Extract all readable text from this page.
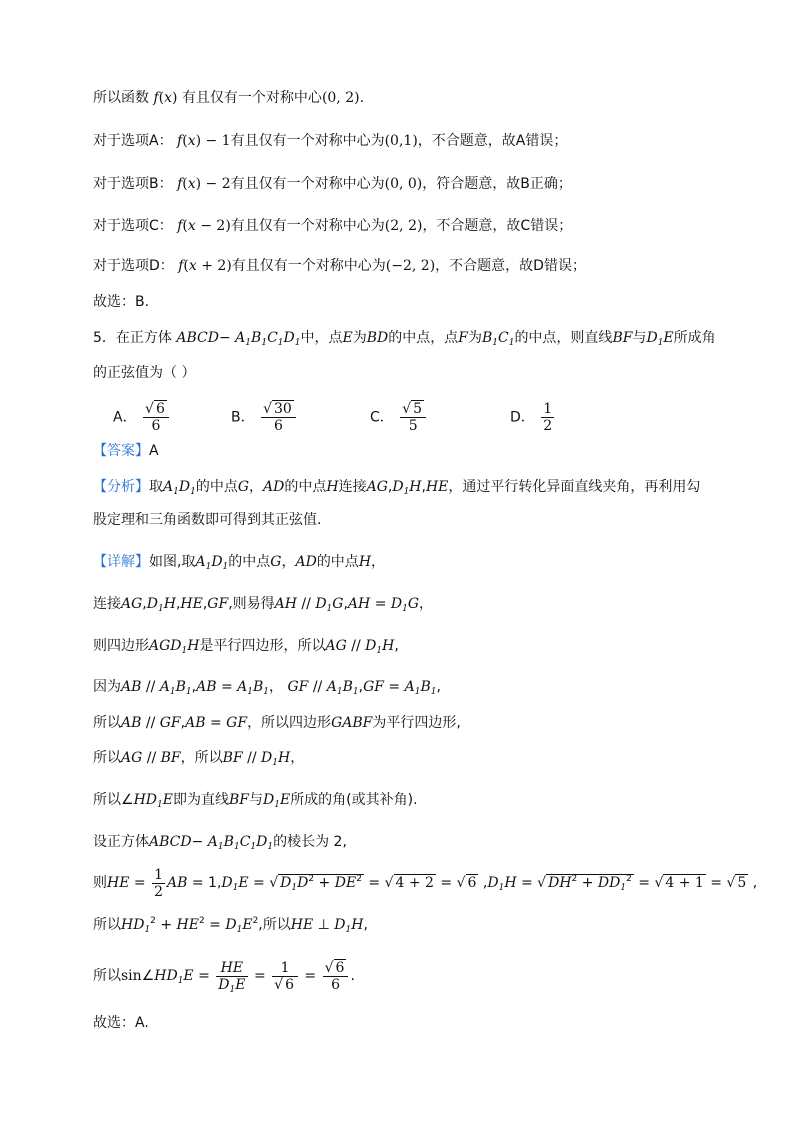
所以函数 f(x) 有且仅有一个对称中心(0, 2).
对于选项A： f(x) − 1有且仅有一个对称中心为(0,1)，不合题意，故A错误；
对于选项B： f(x) − 2有且仅有一个对称中心为(0, 0)，符合题意，故B正确；
对于选项C： f(x − 2)有且仅有一个对称中心为(2, 2)，不合题意，故C错误；
对于选项D： f(x + 2)有且仅有一个对称中心为(−2, 2)，不合题意，故D错误；
故选：B.
5．在正方体 ABCD− $A_1B_1C_1D_1$中，点E为BD的中点，点F为$B_1C_1$的中点，则直线BF与$D_1E$所成角
的正弦值为（ ）
A． $\frac{√ 6}{6}$	B． $\frac{√ 30}{6}$	C． $\frac{√ 5}{5}$	D． $\frac{1}{2}$
【答案】A
【分析】取$A_1D_1$的中点G，AD的中点H连接$AG,D_1H,HE$，通过平行转化异面直线夹角，再利用勾
股定理和三角函数即可得到其正弦值.
【详解】如图,取$A_1D_1$的中点G，AD的中点H，
连接$AG,D_1H,HE,GF$,则易得AH // $D_1G,AH = D_1G$，
则四边形$AGD_1H$是平行四边形，所以AG // $D_1H$,
因为AB // $A_1B_1,AB = A_1B_1$， GF // $A_1B_1,GF = A_1B_1$,
所以AB // GF,AB = GF，所以四边形GABF为平行四边形,
所以AG // BF，所以BF // $D_1H$，
所以$\angle HD_1E$即为直线BF与$D_1E$所成的角(或其补角).
设正方体ABCD− $A_1B_1C_1D_1$的棱长为 2,
则HE = $\frac{1}{2}$ AB = $1,D_1E$ = √ $D_1D^2 + DE^2$ = √ 4 + 2 = √ 6 $,D_1H$ = √ $DH^2 + DD_1^2$ = √ 4 + 1 = √ 5 ,
所以$HD_1^2 + HE^2 = D_1E^2$,所以HE ⊥ $D_1H$,
所以$\sin\angle HD_1E = \frac{HE}{D_1E} = \frac{1}{√ 6} = \frac{√ 6}{6}$ .
故选：A.
